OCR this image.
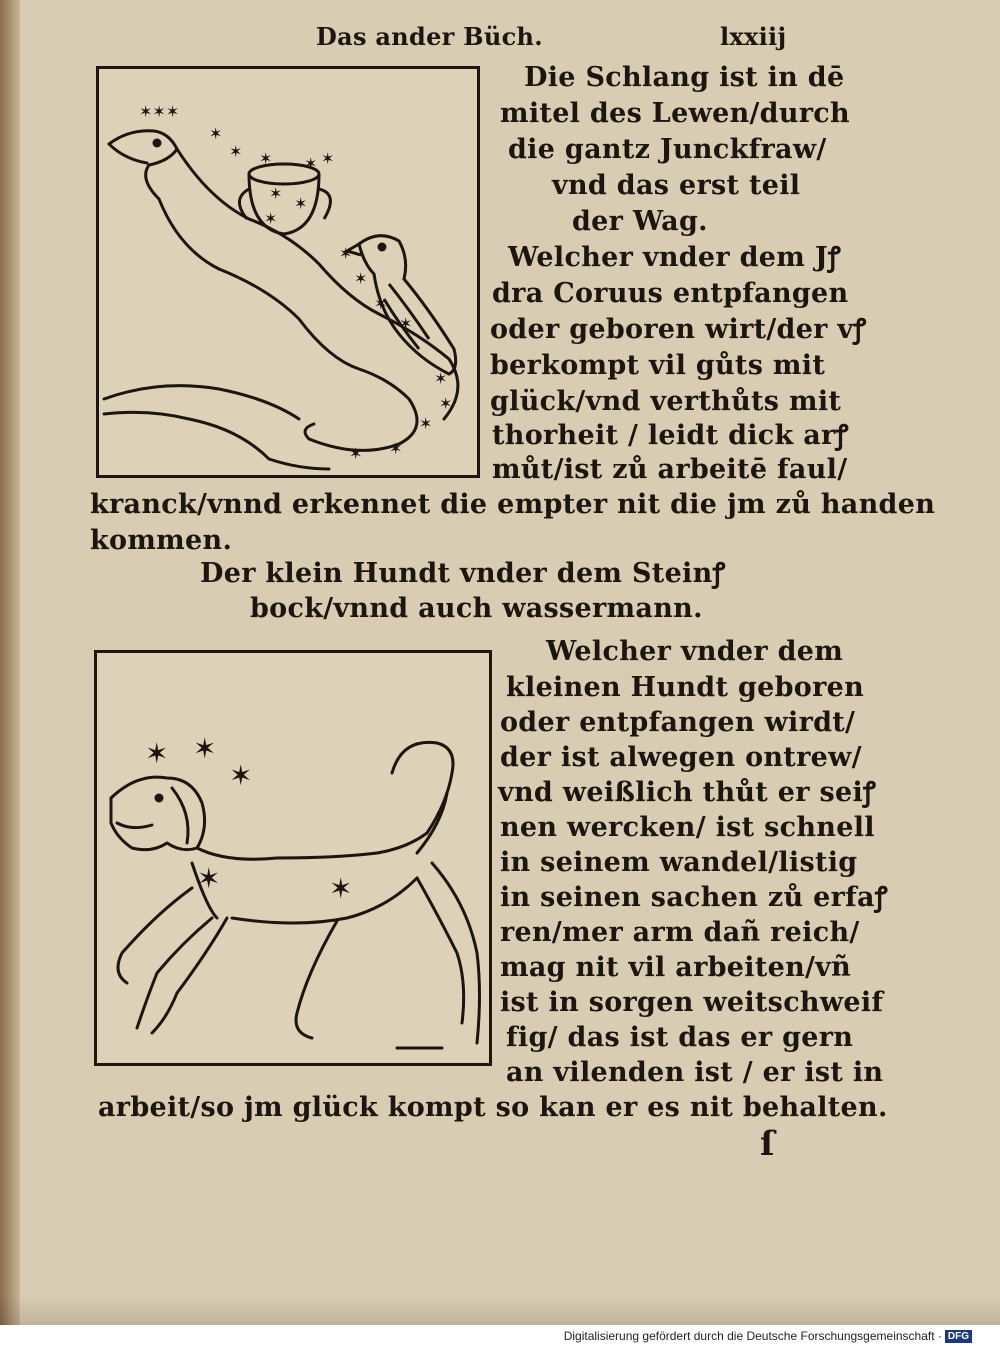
Das ander Büch.	lxxiij
✶✶✶
✶
✶ ✶ ✶ ✶
✶
✶
✶
✶
✶
✶
✶
✶
✶
✶
✶
✶
Die Schlang ist in dē
mitel des Lewen/durch
die gantz Junckfraw/
vnd das erst teil
der Wag.
Welcher vnder dem Jꝭ
dra Coruus entpfangen
oder geboren wirt/der vꝭ
berkompt vil gůts mit
glück/vnd verthůts mit
thorheit / leidt dick arꝭ
můt/ist zů arbeitē faul/
kranck/vnnd erkennet die empter nit die jm zů handen
kommen.
Der klein Hundt vnder dem Steinꝭ
bock/vnnd auch wassermann.
✶ ✶
✶
✶	✶
Welcher vnder dem
kleinen Hundt geboren
oder entpfangen wirdt/
der ist alwegen ontrew/
vnd weißlich thůt er seiꝭ
nen wercken/ ist schnell
in seinem wandel/listig
in seinen sachen zů erfaꝭ
ren/mer arm dañ reich/
mag nit vil arbeiten/vñ
ist in sorgen weitschweif
fig/ das ist das er gern
an vilenden ist / er ist in
arbeit/so jm glück kompt so kan er es nit behalten.
ſ
Digitalisierung gefördert durch die Deutsche Forschungsgemeinschaft · DFG
